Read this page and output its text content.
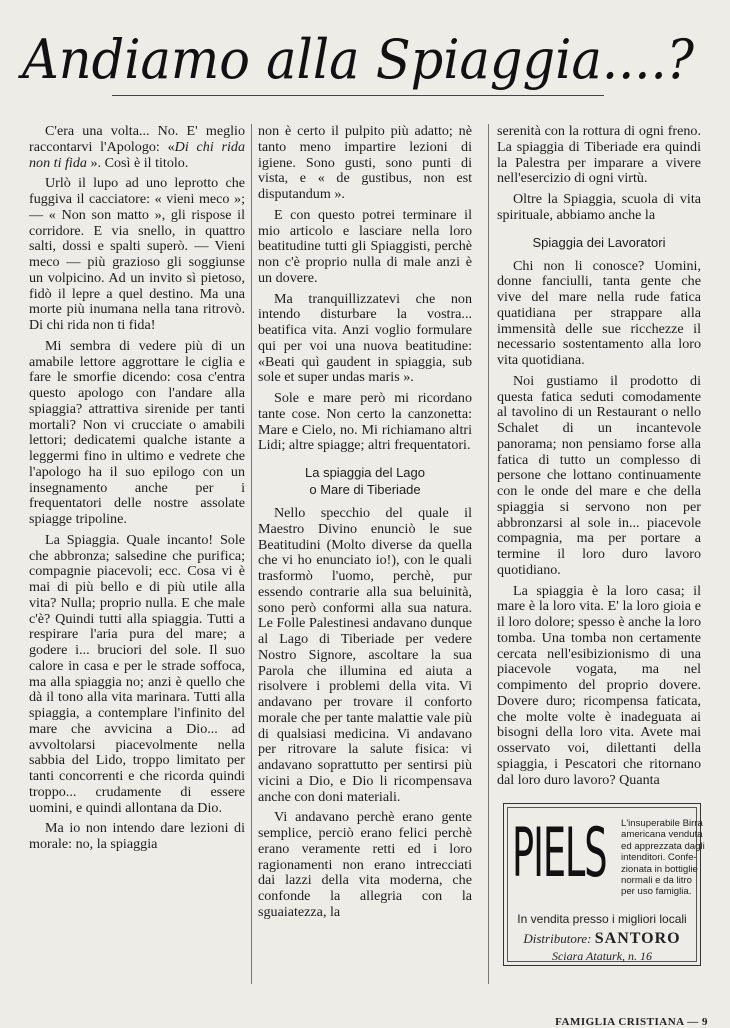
Andiamo alla Spiaggia....?

C'era una volta... No. E' meglio raccontarvi l'Apologo: «Di chi rida non ti fida ». Così è il titolo.

Urlò il lupo ad uno leprotto che fuggiva il cacciatore: « vieni meco »; — « Non son matto », gli rispose il corridore. E via snello, in quattro salti, dossi e spalti superò. — Vieni meco — più grazioso gli soggiunse un volpicino. Ad un invito sì pietoso, fidò il lepre a quel destino. Ma una morte più inumana nella tana ritrovò. Di chi rida non ti fida!

Mi sembra di vedere più di un amabile lettore aggrottare le ciglia e fare le smorfie dicendo: cosa c'entra questo apologo con l'andare alla spiaggia? attrattiva sirenide per tanti mortali? Non vi crucciate o amabili lettori; dedicatemi qualche istante a leggermi fino in ultimo e vedrete che l'apologo ha il suo epilogo con un insegnamento anche per i frequentatori delle nostre assolate spiagge tripoline.

La Spiaggia. Quale incanto! Sole che abbronza; salsedine che purifica; compagnie piacevoli; ecc. Cosa vi è mai di più bello e di più utile alla vita? Nulla; proprio nulla. E che male c'è? Quindi tutti alla spiaggia. Tutti a respirare l'aria pura del mare; a godere i... bruciori del sole. Il suo calore in casa e per le strade soffoca, ma alla spiaggia no; anzi è quello che dà il tono alla vita marinara. Tutti alla spiaggia, a contemplare l'infinito del mare che avvicina a Dio... ad avvoltolarsi piacevolmente nella sabbia del Lido, troppo limitato per tanti concorrenti e che ricorda quindi troppo... crudamente di essere uomini, e quindi allontana da Dio.

Ma io non intendo dare lezioni di morale: no, la spiaggia

non è certo il pulpito più adatto; nè tanto meno impartire lezioni di igiene. Sono gusti, sono punti di vista, e « de gustibus, non est disputandum ».

E con questo potrei terminare il mio articolo e lasciare nella loro beatitudine tutti gli Spiaggisti, perchè non c'è proprio nulla di male anzi è un dovere.

Ma tranquillizzatevi che non intendo disturbare la vostra... beatifica vita. Anzi voglio formulare qui per voi una nuova beatitudine: «Beati quì gaudent in spiaggia, sub sole et super undas maris ».

Sole e mare però mi ricordano tante cose. Non certo la canzonetta: Mare e Cielo, no. Mi richiamano altri Lidi; altre spiagge; altri frequentatori.

La spiaggia del Lago
o Mare di Tiberiade

Nello specchio del quale il Maestro Divino enunciò le sue Beatitudini (Molto diverse da quella che vi ho enunciato io!), con le quali trasformò l'uomo, perchè, pur essendo contrarie alla sua beluinità, sono però conformi alla sua natura. Le Folle Palestinesi andavano dunque al Lago di Tiberiade per vedere Nostro Signore, ascoltare la sua Parola che illumina ed aiuta a risolvere i problemi della vita. Vi andavano per trovare il conforto morale che per tante malattie vale più di qualsiasi medicina. Vi andavano per ritrovare la salute fisica: vi andavano soprattutto per sentirsi più vicini a Dio, e Dio li ricompensava anche con doni materiali.

Vi andavano perchè erano gente semplice, perciò erano felici perchè erano veramente retti ed i loro ragionamenti non erano intrecciati dai lazzi della vita moderna, che confonde la allegria con la sguaiatezza, la

serenità con la rottura di ogni freno. La spiaggia di Tiberiade era quindi la Palestra per imparare a vivere nell'esercizio di ogni virtù.

Oltre la Spiaggia, scuola di vita spirituale, abbiamo anche la

Spiaggia dei Lavoratori

Chi non li conosce? Uomini, donne fanciulli, tanta gente che vive del mare nella rude fatica quatidiana per strappare alla immensità delle sue ricchezze il necessario sostentamento alla loro vita quotidiana.

Noi gustiamo il prodotto di questa fatica seduti comodamente al tavolino di un Restaurant o nello Schalet di un incantevole panorama; non pensiamo forse alla fatica di tutto un complesso di persone che lottano continuamente con le onde del mare e che della spiaggia si servono non per abbronzarsi al sole in... piacevole compagnia, ma per portare a termine il loro duro lavoro quotidiano.

La spiaggia è la loro casa; il mare è la loro vita. E' la loro gioia e il loro dolore; spesso è anche la loro tomba. Una tomba non certamente cercata nell'esibizionismo di una piacevole vogata, ma nel compimento del proprio dovere. Dovere duro; ricompensa faticata, che molte volte è inadeguata ai bisogni della loro vita. Avete mai osservato voi, dilettanti della spiaggia, i Pescatori che ritornano dal loro duro lavoro? Quanta

PIELS L'insuperabile Birra
americana venduta
ed apprezzata dagli
intenditori. Confe-
zionata in bottiglie
normali e da litro
per uso famiglia.
In vendita presso i migliori locali
Distributore: SANTORO
Sciara Ataturk, n. 16
FAMIGLIA CRISTIANA — 9
